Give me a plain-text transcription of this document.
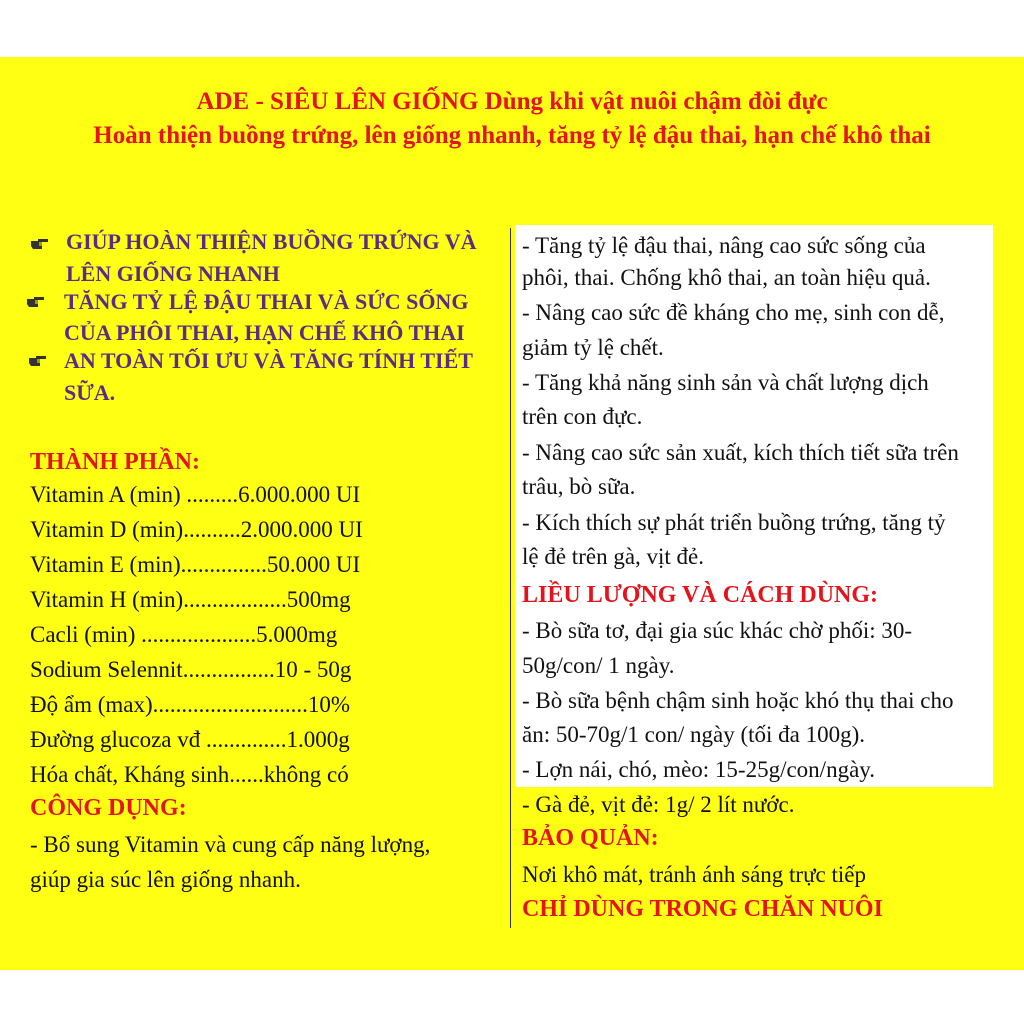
ADE - SIÊU LÊN GIỐNG Dùng khi vật nuôi chậm đòi đực
Hoàn thiện buồng trứng, lên giống nhanh, tăng tỷ lệ đậu thai, hạn chế khô thai
GIÚP HOÀN THIỆN BUỒNG TRỨNG VÀ
LÊN GIỐNG NHANH
TĂNG TỶ LỆ ĐẬU THAI VÀ SỨC SỐNG
CỦA PHÔI THAI, HẠN CHẾ KHÔ THAI
AN TOÀN TỐI ƯU VÀ TĂNG TÍNH TIẾT
SỮA.
THÀNH PHẦN:
Vitamin A (min) .........6.000.000 UI
Vitamin D (min)..........2.000.000 UI
Vitamin E (min)...............50.000 UI
Vitamin H (min)..................500mg
Cacli (min) ....................5.000mg
Sodium Selennit................10 - 50g
Độ ẩm (max)...........................10%
Đường glucoza vđ ..............1.000g
Hóa chất, Kháng sinh......không có
CÔNG DỤNG:
- Bổ sung Vitamin và cung cấp năng lượng,
giúp gia súc lên giống nhanh.
- Tăng tỷ lệ đậu thai, nâng cao sức sống của
phôi, thai. Chống khô thai, an toàn hiệu quả.
- Nâng cao sức đề kháng cho mẹ, sinh con dễ,
giảm tỷ lệ chết.
- Tăng khả năng sinh sản và chất lượng dịch
trên con đực.
- Nâng cao sức sản xuất, kích thích tiết sữa trên
trâu, bò sữa.
- Kích thích sự phát triển buồng trứng, tăng tỷ
lệ đẻ trên gà, vịt đẻ.
LIỀU LƯỢNG VÀ CÁCH DÙNG:
- Bò sữa tơ, đại gia súc khác chờ phối: 30-
50g/con/ 1 ngày.
- Bò sữa bệnh chậm sinh hoặc khó thụ thai cho
ăn: 50-70g/1 con/ ngày (tối đa 100g).
- Lợn nái, chó, mèo: 15-25g/con/ngày.
- Gà đẻ, vịt đẻ: 1g/ 2 lít nước.
BẢO QUẢN:
Nơi khô mát, tránh ánh sáng trực tiếp
CHỈ DÙNG TRONG CHĂN NUÔI
